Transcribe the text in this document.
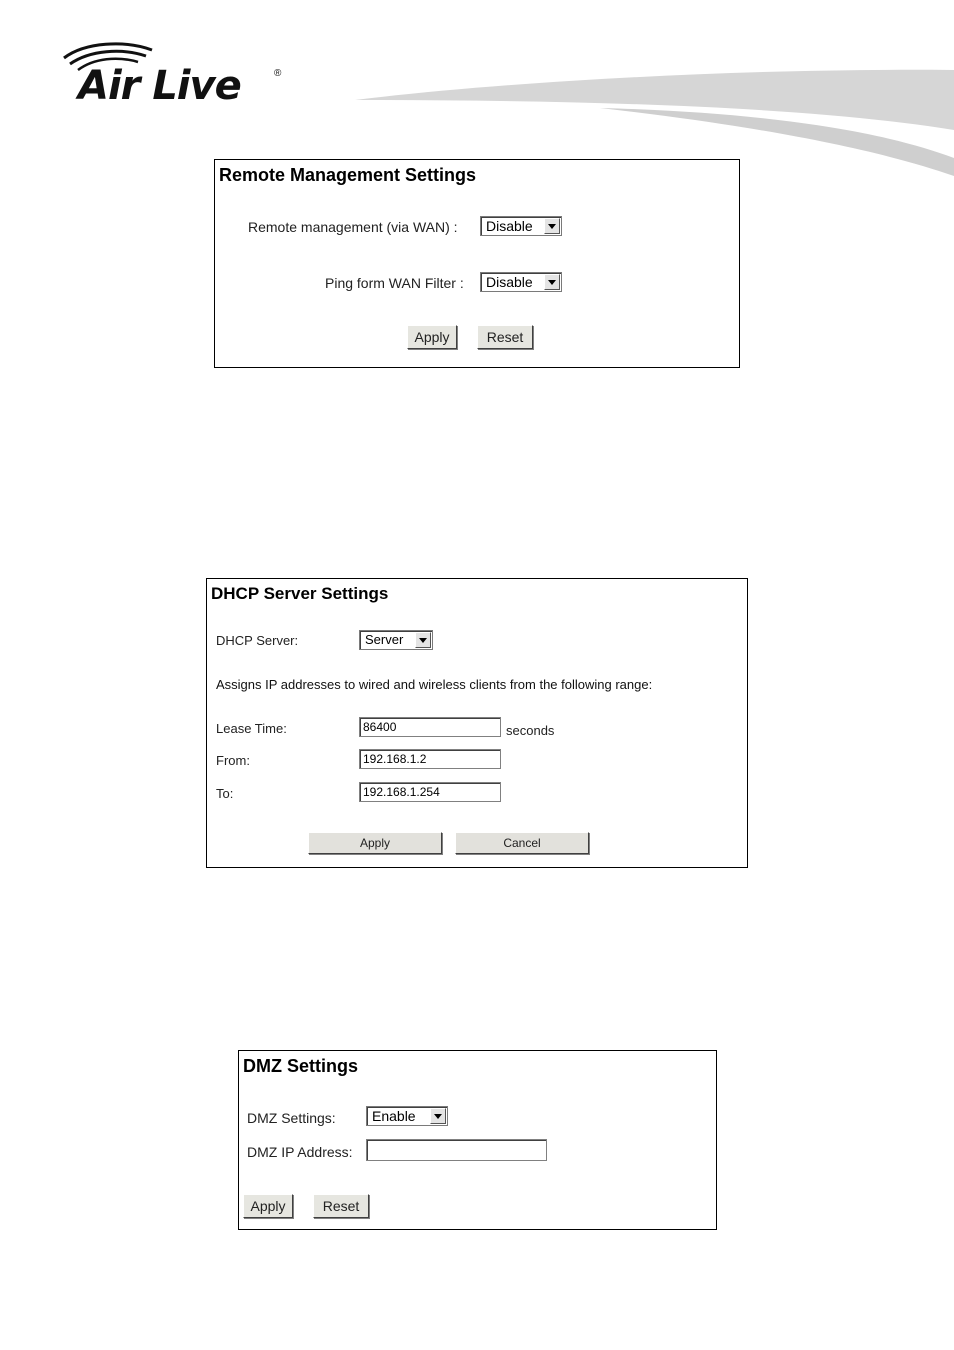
Air Live	®
Remote Management Settings
Remote management (via WAN) : Disable
Ping form WAN Filter : Disable
Apply	Reset
DHCP Server Settings
DHCP Server:	Server
Assigns IP addresses to wired and wireless clients from the following range:
Lease Time:	86400	seconds
From:	192.168.1.2
To:	192.168.1.254
Apply	Cancel
DMZ Settings
DMZ Settings:	Enable
DMZ IP Address:
Apply	Reset
